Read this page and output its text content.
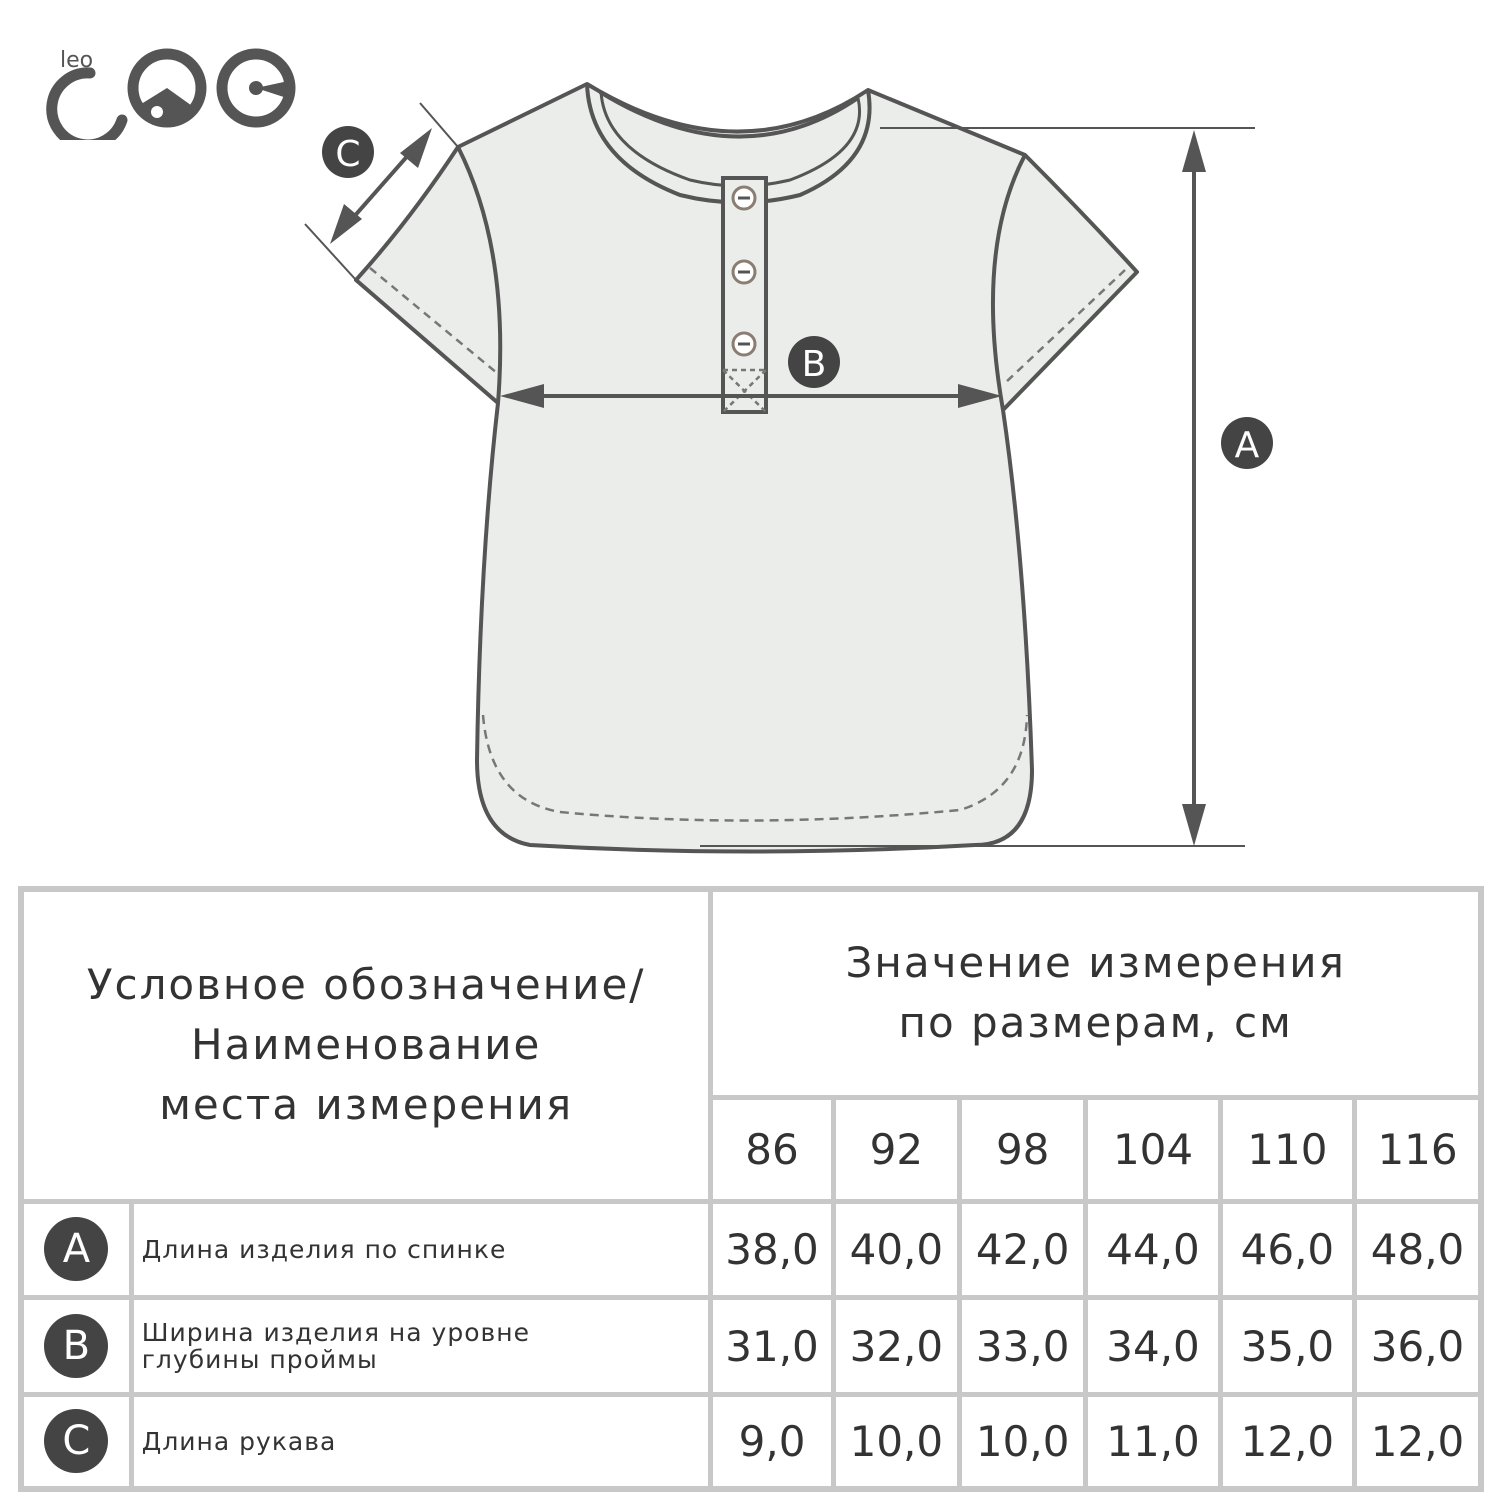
leo
A
B
C
Условное обозначение/
Наименование
места измерения		Значение измерения
по размерам, см					

		86	92	98	104	110	116
A	Длина изделия по спинке	38,0	40,0	42,0	44,0	46,0	48,0
B	Ширина изделия на уровне
глубины проймы	31,0	32,0	33,0	34,0	35,0	36,0
C	Длина рукава	9,0	10,0	10,0	11,0	12,0	12,0
